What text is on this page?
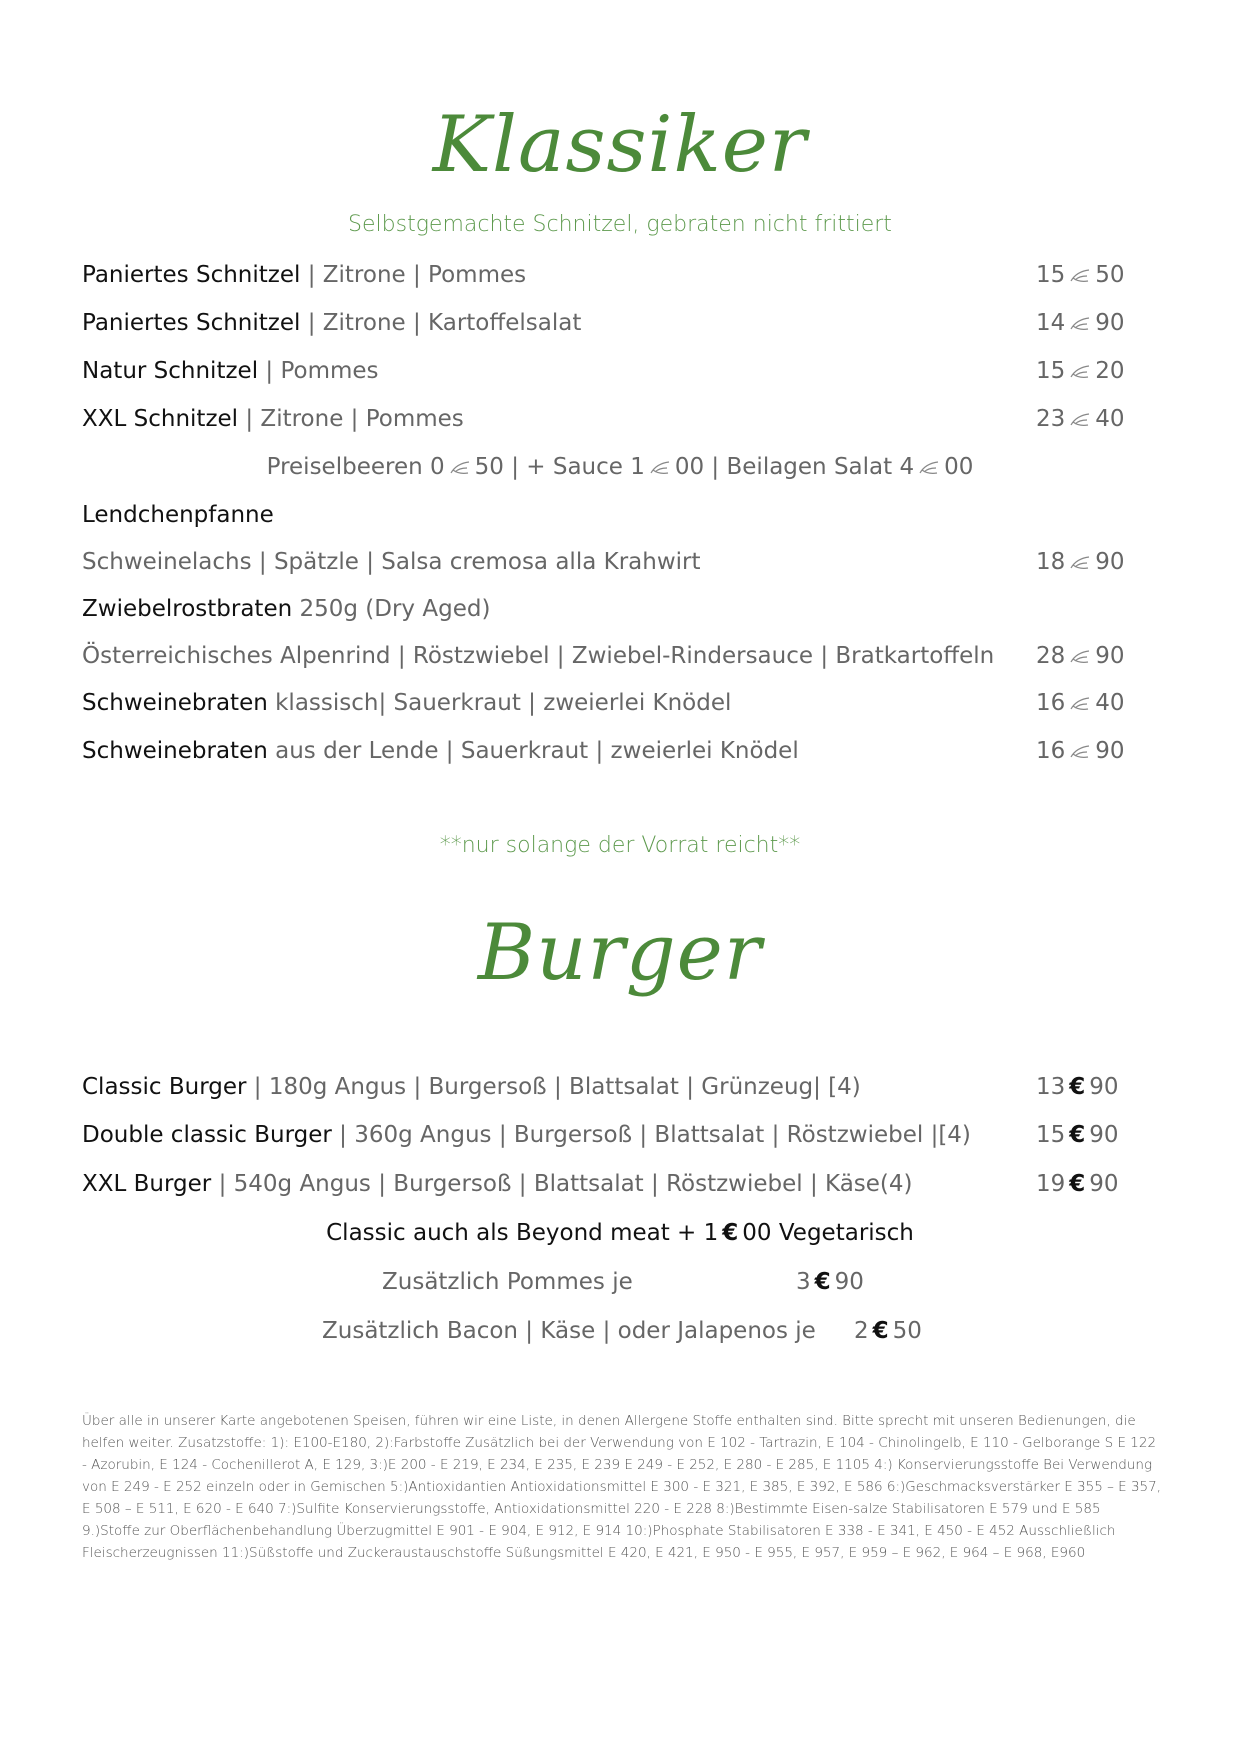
Klassiker
Selbstgemachte Schnitzel, gebraten nicht frittiert
Paniertes Schnitzel | Zitrone | Pommes	15 50
Paniertes Schnitzel | Zitrone | Kartoffelsalat	14 90
Natur Schnitzel | Pommes	15 20
XXL Schnitzel | Zitrone | Pommes	23 40
Preiselbeeren 0 50 | + Sauce 1 00 | Beilagen Salat 4 00
Lendchenpfanne
Schweinelachs | Spätzle | Salsa cremosa alla Krahwirt	18 90
Zwiebelrostbraten 250g (Dry Aged)
Österreichisches Alpenrind | Röstzwiebel | Zwiebel-Rindersauce | Bratkartoffeln 28 90
Schweinebraten klassisch| Sauerkraut | zweierlei Knödel	16 40
Schweinebraten aus der Lende | Sauerkraut | zweierlei Knödel	16 90
**nur solange der Vorrat reicht**
Burger
Classic Burger | 180g Angus | Burgersoß | Blattsalat | Grünzeug| [4)	13 € 90
Double classic Burger | 360g Angus | Burgersoß | Blattsalat | Röstzwiebel |[4)	15 € 90
XXL Burger | 540g Angus | Burgersoß | Blattsalat | Röstzwiebel | Käse(4)	19 € 90
Classic auch als Beyond meat + 1 € 00 Vegetarisch
Zusätzlich Pommes je	3 € 90
Zusätzlich Bacon | Käse | oder Jalapenos je 2 € 50
Über alle in unserer Karte angebotenen Speisen, führen wir eine Liste, in denen Allergene Stoffe enthalten sind. Bitte sprecht mit unseren Bedienungen, die helfen weiter. Zusatzstoffe: 1): E100-E180, 2):Farbstoffe Zusätzlich bei der Verwendung von E 102 - Tartrazin, E 104 - Chinolingelb, E 110 - Gelborange S E 122 - Azorubin, E 124 - Cochenillerot A, E 129, 3:)E 200 - E 219, E 234, E 235, E 239 E 249 - E 252, E 280 - E 285, E 1105 4:) Konservierungsstoffe Bei Verwendung von E 249 - E 252 einzeln oder in Gemischen 5:)Antioxidantien Antioxidationsmittel E 300 - E 321, E 385, E 392, E 586 6:)Geschmacksverstärker E 355 – E 357, E 508 – E 511, E 620 - E 640 7:)Sulfite Konservierungsstoffe, Antioxidationsmittel 220 - E 228 8:)Bestimmte Eisen-salze Stabilisatoren E 579 und E 585 9.)Stoffe zur Oberflächenbehandlung Überzugmittel E 901 - E 904, E 912, E 914 10:)Phosphate Stabilisatoren E 338 - E 341, E 450 - E 452 Ausschließlich Fleischerzeugnissen 11:)Süßstoffe und Zuckeraustauschstoffe Süßungsmittel E 420, E 421, E 950 - E 955, E 957, E 959 – E 962, E 964 – E 968, E960
